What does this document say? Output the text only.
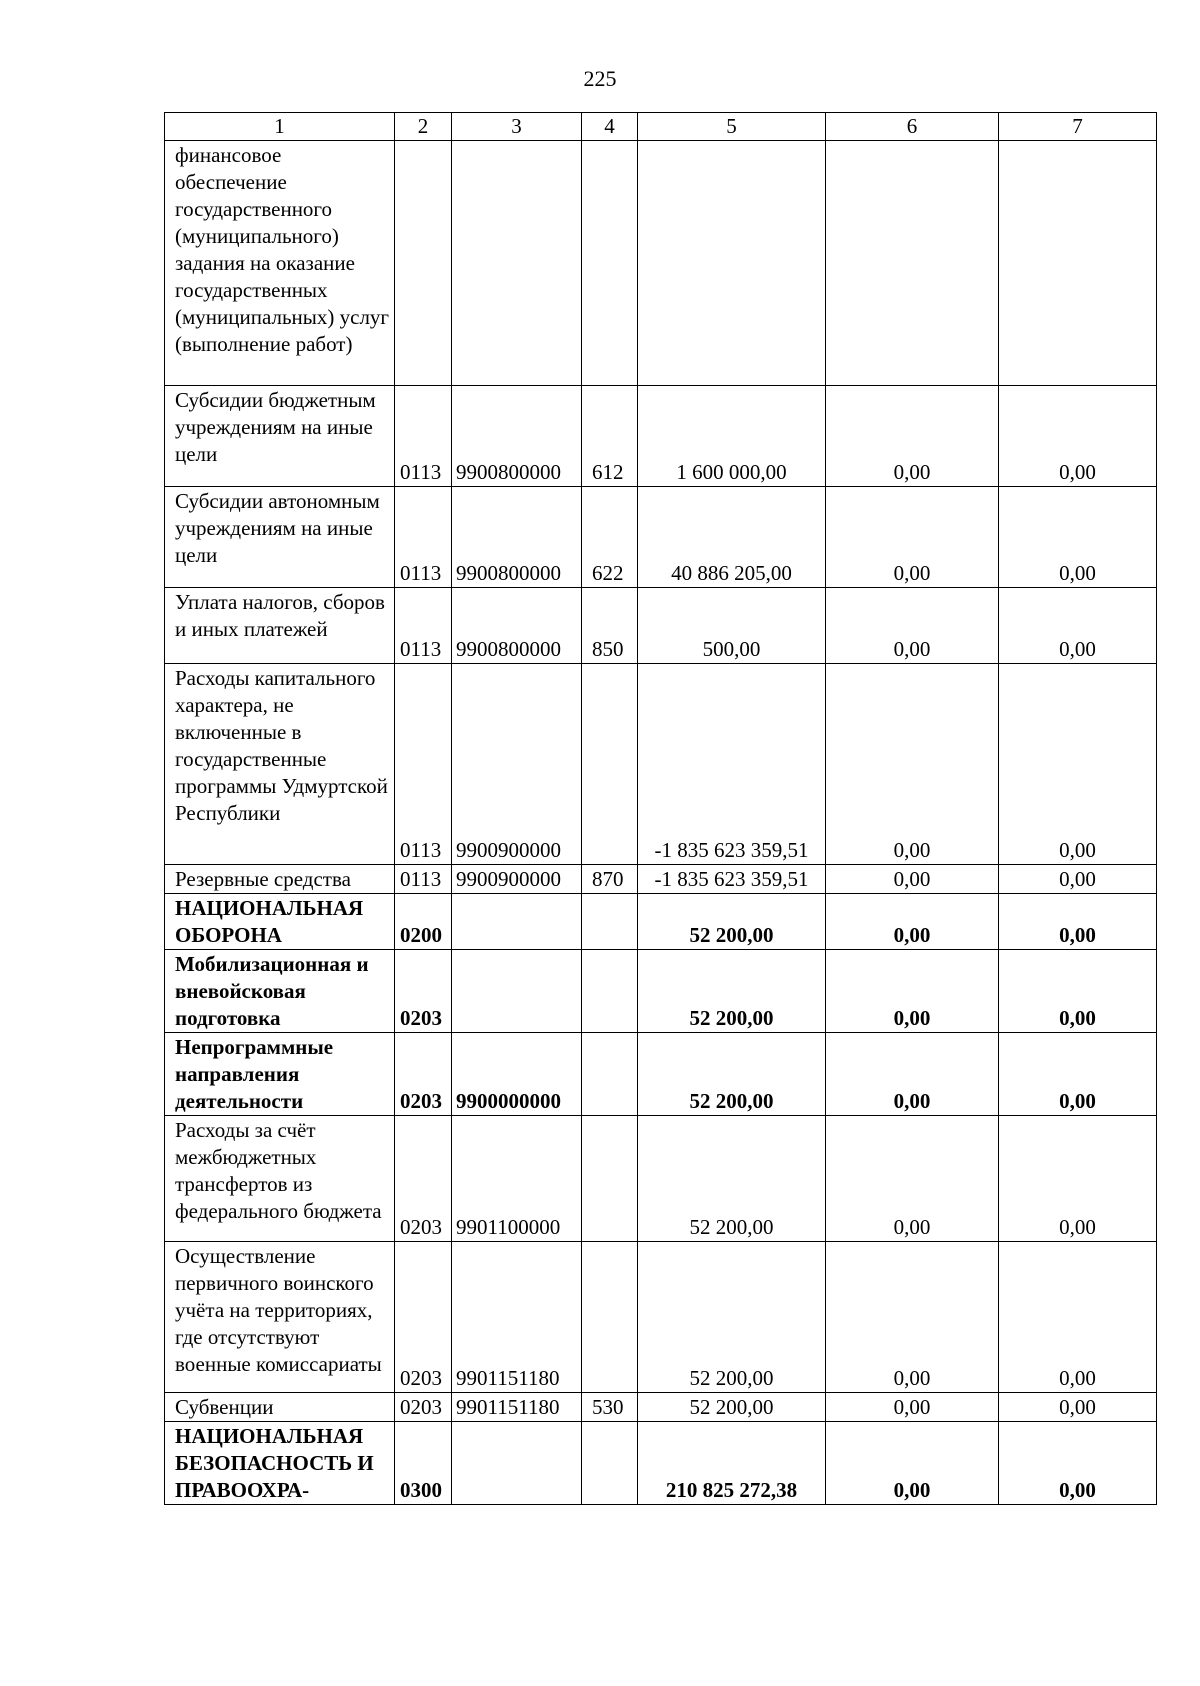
225
1	2	3	4	5	6	7
финансовое обеспечение государственного (муниципального) задания на оказание государственных (муниципальных) услуг (выполнение работ)						
Субсидии бюджетным учреждениям на иные цели	0113	9900800000	612	1 600 000,00	0,00	0,00
Субсидии автономным учреждениям на иные цели	0113	9900800000	622	40 886 205,00	0,00	0,00
Уплата налогов, сборов и иных платежей	0113	9900800000	850	500,00	0,00	0,00
Расходы капитального характера, не включенные в государственные программы Удмуртской Республики	0113	9900900000		-1 835 623 359,51	0,00	0,00
Резервные средства	0113	9900900000	870	-1 835 623 359,51	0,00	0,00
НАЦИОНАЛЬНАЯ ОБОРОНА	0200			52 200,00	0,00	0,00
Мобилизационная и вневойсковая подготовка	0203			52 200,00	0,00	0,00
Непрограммные направления деятельности	0203	9900000000		52 200,00	0,00	0,00
Расходы за счёт межбюджетных трансфертов из федерального бюджета	0203	9901100000		52 200,00	0,00	0,00
Осуществление первичного воинского учёта на территориях, где отсутствуют военные комиссариаты	0203	9901151180		52 200,00	0,00	0,00
Субвенции	0203	9901151180	530	52 200,00	0,00	0,00
НАЦИОНАЛЬНАЯ БЕЗОПАСНОСТЬ И ПРАВООХРА-	0300			210 825 272,38	0,00	0,00
